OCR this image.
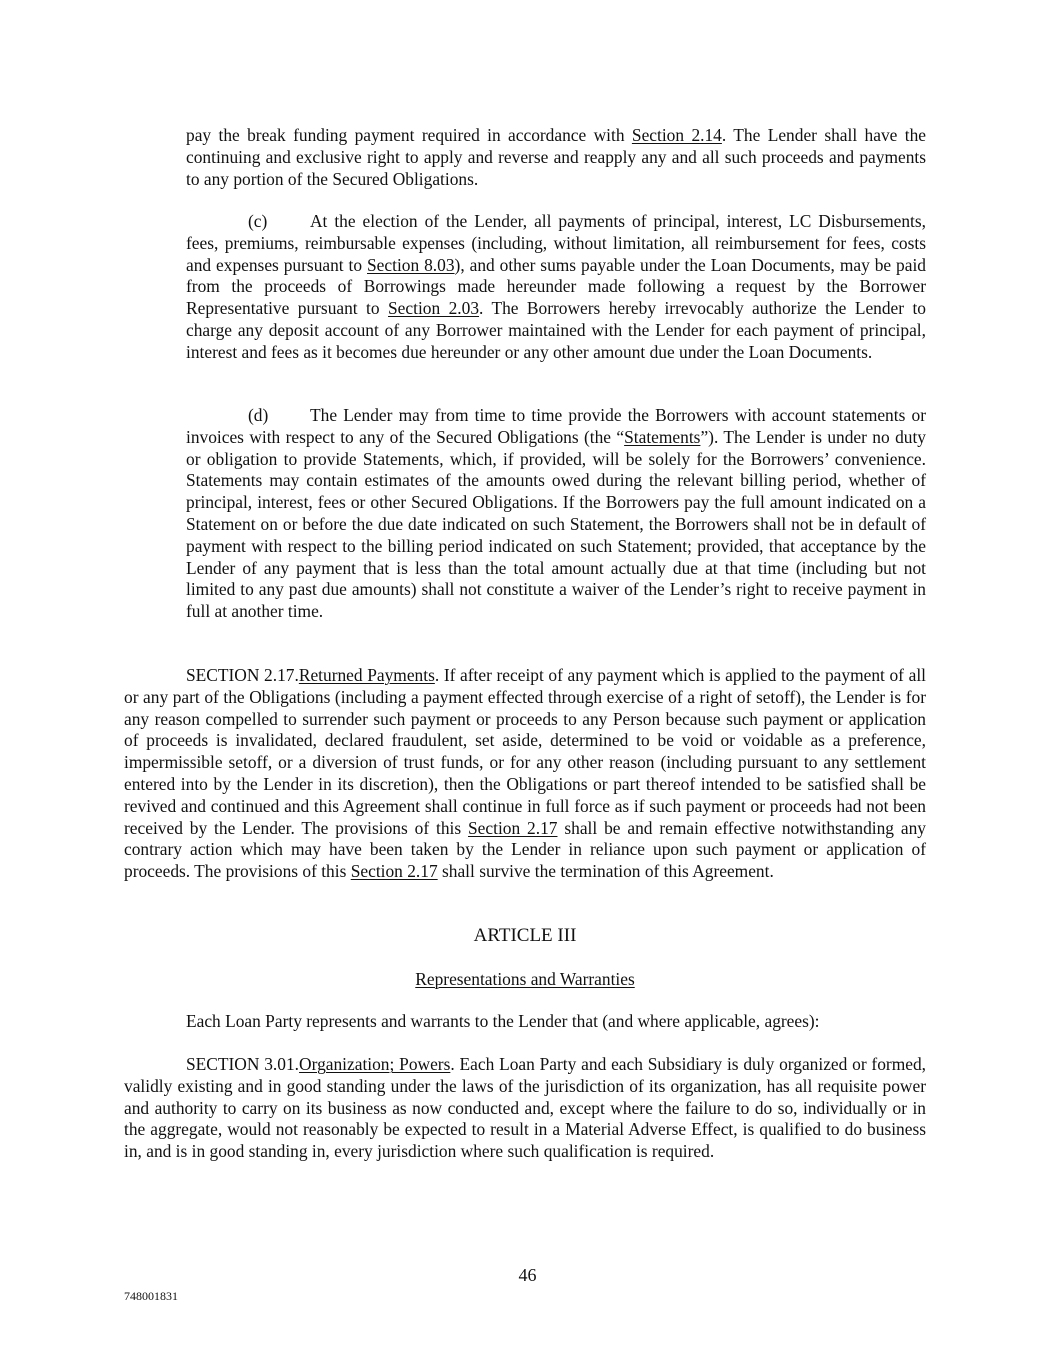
pay the break funding payment required in accordance with Section 2.14. The Lender shall have the continuing and exclusive right to apply and reverse and reapply any and all such proceeds and payments to any portion of the Secured Obligations.
(c) At the election of the Lender, all payments of principal, interest, LC Disbursements, fees, premiums, reimbursable expenses (including, without limitation, all reimbursement for fees, costs and expenses pursuant to Section 8.03), and other sums payable under the Loan Documents, may be paid from the proceeds of Borrowings made hereunder made following a request by the Borrower Representative pursuant to Section 2.03. The Borrowers hereby irrevocably authorize the Lender to charge any deposit account of any Borrower maintained with the Lender for each payment of principal, interest and fees as it becomes due hereunder or any other amount due under the Loan Documents.
(d) The Lender may from time to time provide the Borrowers with account statements or invoices with respect to any of the Secured Obligations (the “Statements”). The Lender is under no duty or obligation to provide Statements, which, if provided, will be solely for the Borrowers’ convenience. Statements may contain estimates of the amounts owed during the relevant billing period, whether of principal, interest, fees or other Secured Obligations. If the Borrowers pay the full amount indicated on a Statement on or before the due date indicated on such Statement, the Borrowers shall not be in default of payment with respect to the billing period indicated on such Statement; provided, that acceptance by the Lender of any payment that is less than the total amount actually due at that time (including but not limited to any past due amounts) shall not constitute a waiver of the Lender’s right to receive payment in full at another time.
SECTION 2.17.Returned Payments. If after receipt of any payment which is applied to the payment of all or any part of the Obligations (including a payment effected through exercise of a right of setoff), the Lender is for any reason compelled to surrender such payment or proceeds to any Person because such payment or application of proceeds is invalidated, declared fraudulent, set aside, determined to be void or voidable as a preference, impermissible setoff, or a diversion of trust funds, or for any other reason (including pursuant to any settlement entered into by the Lender in its discretion), then the Obligations or part thereof intended to be satisfied shall be revived and continued and this Agreement shall continue in full force as if such payment or proceeds had not been received by the Lender. The provisions of this Section 2.17 shall be and remain effective notwithstanding any contrary action which may have been taken by the Lender in reliance upon such payment or application of proceeds. The provisions of this Section 2.17 shall survive the termination of this Agreement.
ARTICLE III
Representations and Warranties
Each Loan Party represents and warrants to the Lender that (and where applicable, agrees):
SECTION 3.01.Organization; Powers. Each Loan Party and each Subsidiary is duly organized or formed, validly existing and in good standing under the laws of the jurisdiction of its organization, has all requisite power and authority to carry on its business as now conducted and, except where the failure to do so, individually or in the aggregate, would not reasonably be expected to result in a Material Adverse Effect, is qualified to do business in, and is in good standing in, every jurisdiction where such qualification is required.
46
748001831
